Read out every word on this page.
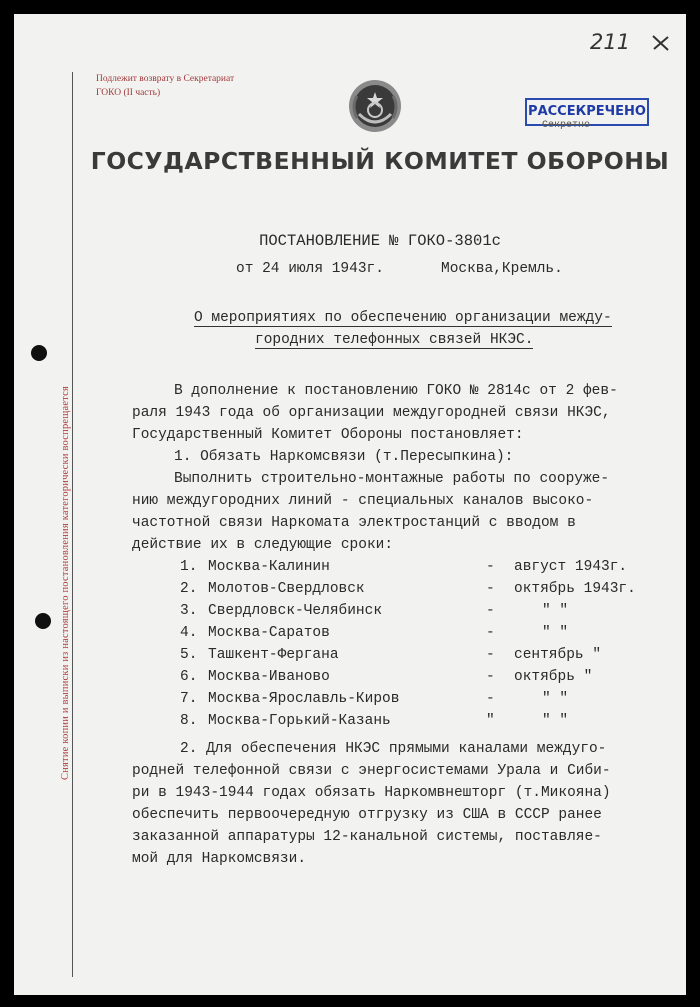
Снятие копии и выписки из настоящего постановления категорически воспрещается
Подлежит возврату в Секретариат
ГОКО (II часть)
211
РАССЕКРЕЧЕНО
Секретно
ГОСУДАРСТВЕННЫЙ КОМИТЕТ ОБОРОНЫ
ПОСТАНОВЛЕНИЕ № ГОКО-3801с
от 24 июля 1943г.	Москва,Кремль.
О мероприятиях по обеспечению организации между-
городних телефонных связей НКЭС.
В дополнение к постановлению ГОКО № 2814с от 2 фев-
раля 1943 года об организации междугородней связи НКЭС,
Государственный Комитет Обороны постановляет:
1. Обязать Наркомсвязи (т.Пересыпкина):
Выполнить строительно-монтажные работы по сооруже-
нию междугородних линий - специальных каналов высоко-
частотной связи Наркомата электростанций с вводом в
действие их в следующие сроки:
1. Москва-Калинин	- август 1943г.
2. Молотов-Свердловск	- октябрь 1943г.
3. Свердловск-Челябинск	-	" "
4. Москва-Саратов	-	" "
5. Ташкент-Фергана	- сентябрь "
6. Москва-Иваново	- октябрь "
7. Москва-Ярославль-Киров	-	" "
8. Москва-Горький-Казань	"	" "
2. Для обеспечения НКЭС прямыми каналами междуго-
родней телефонной связи с энергосистемами Урала и Сиби-
ри в 1943-1944 годах обязать Наркомвнешторг (т.Микояна)
обеспечить первоочередную отгрузку из США в СССР ранее
заказанной аппаратуры 12-канальной системы, поставляе-
мой для Наркомсвязи.
